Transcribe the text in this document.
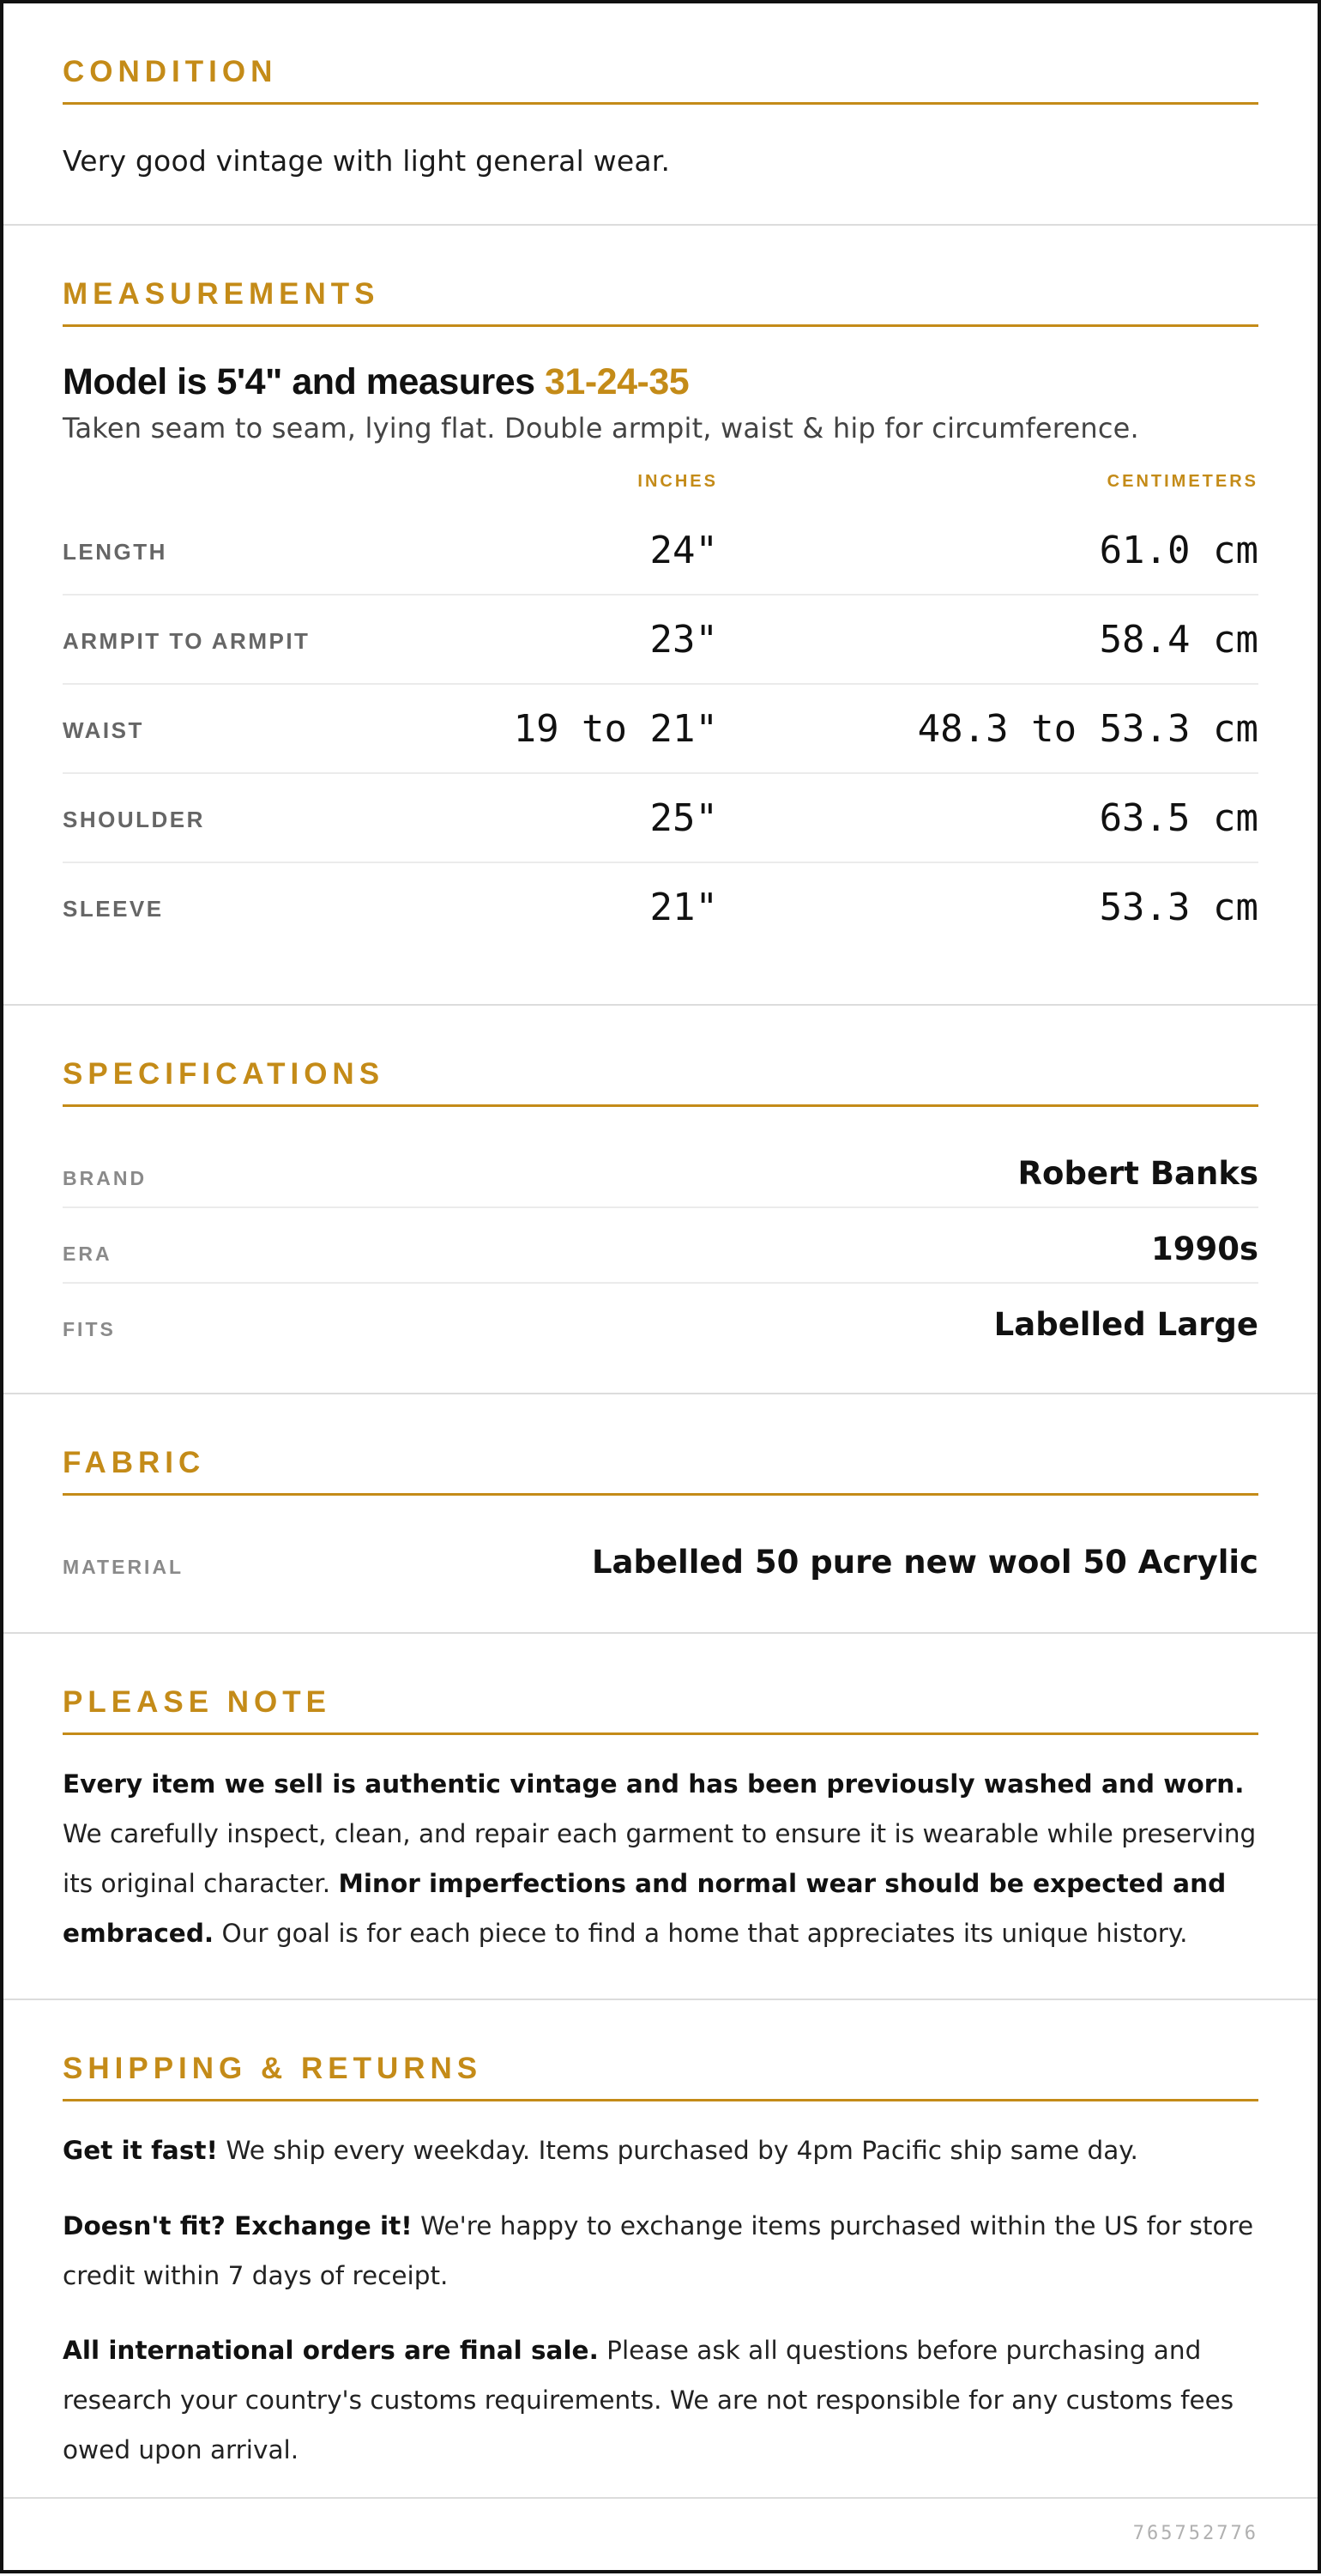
CONDITION
Very good vintage with light general wear.
MEASUREMENTS
Model is 5'4" and measures 31-24-35
Taken seam to seam, lying flat. Double armpit, waist & hip for circumference.
INCHES	CENTIMETERS
LENGTH	24"	61.0 cm
ARMPIT TO ARMPIT	23"	58.4 cm
WAIST	19 to 21"	48.3 to 53.3 cm
SHOULDER	25"	63.5 cm
SLEEVE	21"	53.3 cm
SPECIFICATIONS
BRAND	Robert Banks
ERA	1990s
FITS	Labelled Large
FABRIC
MATERIAL	Labelled 50 pure new wool 50 Acrylic
PLEASE NOTE

Every item we sell is authentic vintage and has been previously washed and worn. We carefully inspect, clean, and repair each garment to ensure it is wearable while preserving its original character. Minor imperfections and normal wear should be expected and embraced. Our goal is for each piece to find a home that appreciates its unique history.

SHIPPING & RETURNS

Get it fast! We ship every weekday. Items purchased by 4pm Pacific ship same day.

Doesn't fit? Exchange it! We're happy to exchange items purchased within the US for store credit within 7 days of receipt.

All international orders are final sale. Please ask all questions before purchasing and research your country's customs requirements. We are not responsible for any customs fees owed upon arrival.

765752776
